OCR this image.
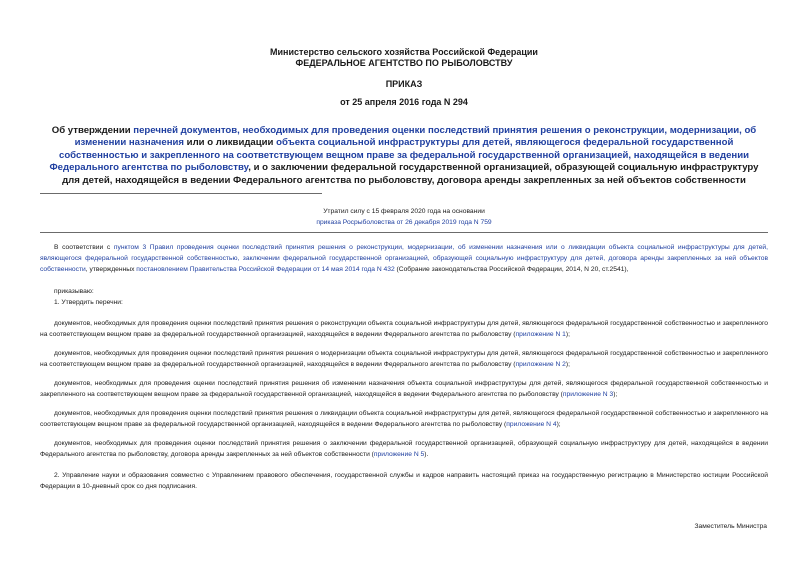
Министерство сельского хозяйства Российской Федерации
ФЕДЕРАЛЬНОЕ АГЕНТСТВО ПО РЫБОЛОВСТВУ
ПРИКАЗ
от 25 апреля 2016 года N 294
Об утверждении перечней документов, необходимых для проведения оценки последствий принятия решения о реконструкции, модернизации, об изменении назначения или о ликвидации объекта социальной инфраструктуры для детей, являющегося федеральной государственной собственностью и закрепленного на соответствующем вещном праве за федеральной государственной организацией, находящейся в ведении Федерального агентства по рыболовству, и о заключении федеральной государственной организацией, образующей социальную инфраструктуру для детей, находящейся в ведении Федерального агентства по рыболовству, договора аренды закрепленных за ней объектов собственности
Утратил силу с 15 февраля 2020 года на основании
приказа Росрыболовства от 26 декабря 2019 года N 759
В соответствии с пунктом 3 Правил проведения оценки последствий принятия решения о реконструкции, модернизации, об изменении назначения или о ликвидации объекта социальной инфраструктуры для детей, являющегося федеральной государственной собственностью, заключении федеральной государственной организацией, образующей социальную инфраструктуру для детей, договора аренды закрепленных за ней объектов собственности, утвержденных постановлением Правительства Российской Федерации от 14 мая 2014 года N 432 (Собрание законодательства Российской Федерации, 2014, N 20, ст.2541),
приказываю:
1. Утвердить перечни:
документов, необходимых для проведения оценки последствий принятия решения о реконструкции объекта социальной инфраструктуры для детей, являющегося федеральной государственной собственностью и закрепленного на соответствующем вещном праве за федеральной государственной организацией, находящейся в ведении Федерального агентства по рыболовству (приложение N 1);
документов, необходимых для проведения оценки последствий принятия решения о модернизации объекта социальной инфраструктуры для детей, являющегося федеральной государственной собственностью и закрепленного на соответствующем вещном праве за федеральной государственной организацией, находящейся в ведении Федерального агентства по рыболовству (приложение N 2);
документов, необходимых для проведения оценки последствий принятия решения об изменении назначения объекта социальной инфраструктуры для детей, являющегося федеральной государственной собственностью и закрепленного на соответствующем вещном праве за федеральной государственной организацией, находящейся в ведении Федерального агентства по рыболовству (приложение N 3);
документов, необходимых для проведения оценки последствий принятия решения о ликвидации объекта социальной инфраструктуры для детей, являющегося федеральной государственной собственностью и закрепленного на соответствующем вещном праве за федеральной государственной организацией, находящейся в ведении Федерального агентства по рыболовству (приложение N 4);
документов, необходимых для проведения оценки последствий принятия решения о заключении федеральной государственной организацией, образующей социальную инфраструктуру для детей, находящейся в ведении Федерального агентства по рыболовству, договора аренды закрепленных за ней объектов собственности (приложение N 5).
2. Управление науки и образования совместно с Управлением правового обеспечения, государственной службы и кадров направить настоящий приказ на государственную регистрацию в Министерство юстиции Российской Федерации в 10-дневный срок со дня подписания.
Заместитель Министра
